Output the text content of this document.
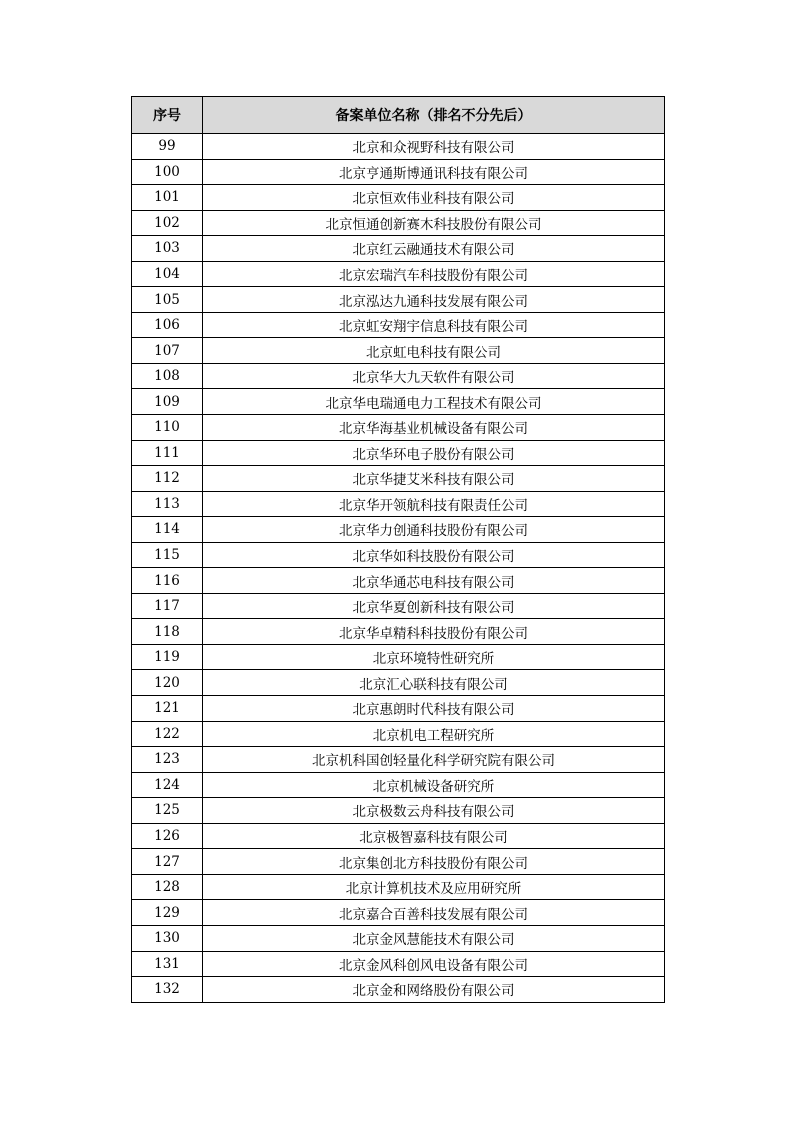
序号	备案单位名称（排名不分先后）
99	北京和众视野科技有限公司
100	北京亨通斯博通讯科技有限公司
101	北京恒欢伟业科技有限公司
102	北京恒通创新赛木科技股份有限公司
103	北京红云融通技术有限公司
104	北京宏瑞汽车科技股份有限公司
105	北京泓达九通科技发展有限公司
106	北京虹安翔宇信息科技有限公司
107	北京虹电科技有限公司
108	北京华大九天软件有限公司
109	北京华电瑞通电力工程技术有限公司
110	北京华海基业机械设备有限公司
111	北京华环电子股份有限公司
112	北京华捷艾米科技有限公司
113	北京华开领航科技有限责任公司
114	北京华力创通科技股份有限公司
115	北京华如科技股份有限公司
116	北京华通芯电科技有限公司
117	北京华夏创新科技有限公司
118	北京华卓精科科技股份有限公司
119	北京环境特性研究所
120	北京汇心联科技有限公司
121	北京惠朗时代科技有限公司
122	北京机电工程研究所
123	北京机科国创轻量化科学研究院有限公司
124	北京机械设备研究所
125	北京极数云舟科技有限公司
126	北京极智嘉科技有限公司
127	北京集创北方科技股份有限公司
128	北京计算机技术及应用研究所
129	北京嘉合百善科技发展有限公司
130	北京金风慧能技术有限公司
131	北京金风科创风电设备有限公司
132	北京金和网络股份有限公司
